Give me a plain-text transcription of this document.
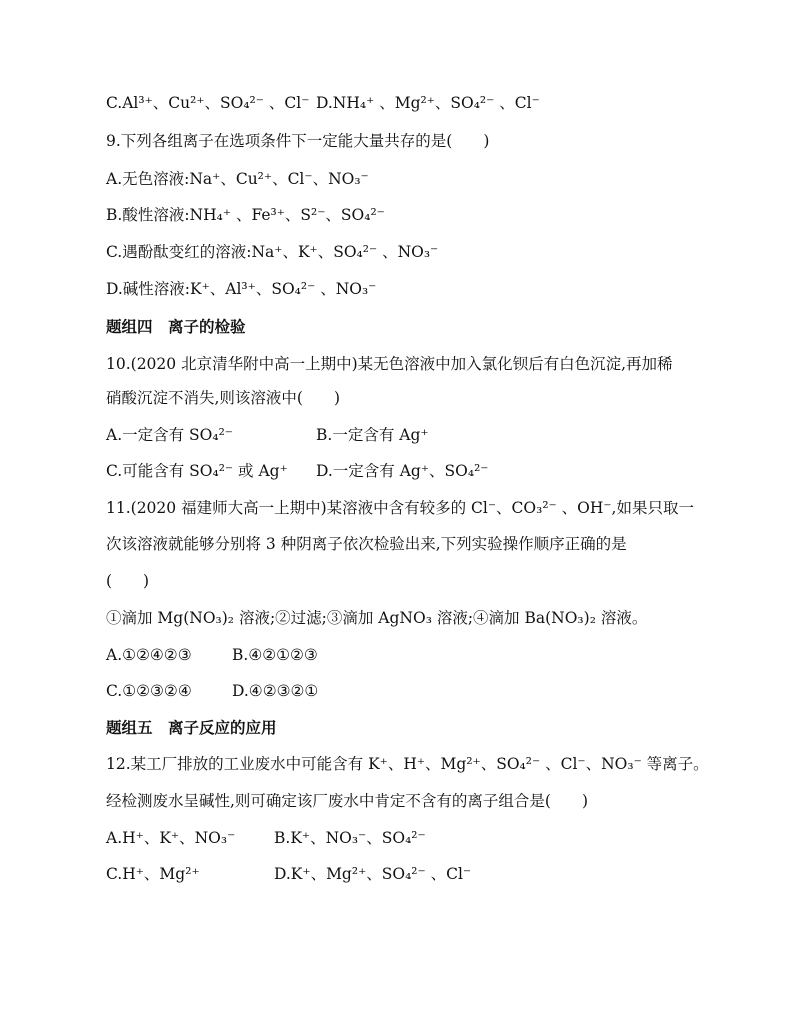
C.Al³⁺、Cu²⁺、SO₄²⁻ 、Cl⁻ D.NH₄⁺ 、Mg²⁺、SO₄²⁻ 、Cl⁻
9.下列各组离子在选项条件下一定能大量共存的是(　　)
A.无色溶液:Na⁺、Cu²⁺、Cl⁻、NO₃⁻
B.酸性溶液:NH₄⁺ 、Fe³⁺、S²⁻、SO₄²⁻
C.遇酚酞变红的溶液:Na⁺、K⁺、SO₄²⁻ 、NO₃⁻
D.碱性溶液:K⁺、Al³⁺、SO₄²⁻ 、NO₃⁻
题组四　离子的检验
10.(2020 北京清华附中高一上期中)某无色溶液中加入氯化钡后有白色沉淀,再加稀
硝酸沉淀不消失,则该溶液中(　　)
A.一定含有 SO₄²⁻	B.一定含有 Ag⁺
C.可能含有 SO₄²⁻ 或 Ag⁺ D.一定含有 Ag⁺、SO₄²⁻
11.(2020 福建师大高一上期中)某溶液中含有较多的 Cl⁻、CO₃²⁻ 、OH⁻,如果只取一
次该溶液就能够分别将 3 种阴离子依次检验出来,下列实验操作顺序正确的是
(　　)
①滴加 Mg(NO₃)₂ 溶液;②过滤;③滴加 AgNO₃ 溶液;④滴加 Ba(NO₃)₂ 溶液。
A.①②④②③	B.④②①②③
C.①②③②④	D.④②③②①
题组五　离子反应的应用
12.某工厂排放的工业废水中可能含有 K⁺、H⁺、Mg²⁺、SO₄²⁻ 、Cl⁻、NO₃⁻ 等离子。
经检测废水呈碱性,则可确定该厂废水中肯定不含有的离子组合是(　　)
A.H⁺、K⁺、NO₃⁻	B.K⁺、NO₃⁻、SO₄²⁻
C.H⁺、Mg²⁺	D.K⁺、Mg²⁺、SO₄²⁻ 、Cl⁻
